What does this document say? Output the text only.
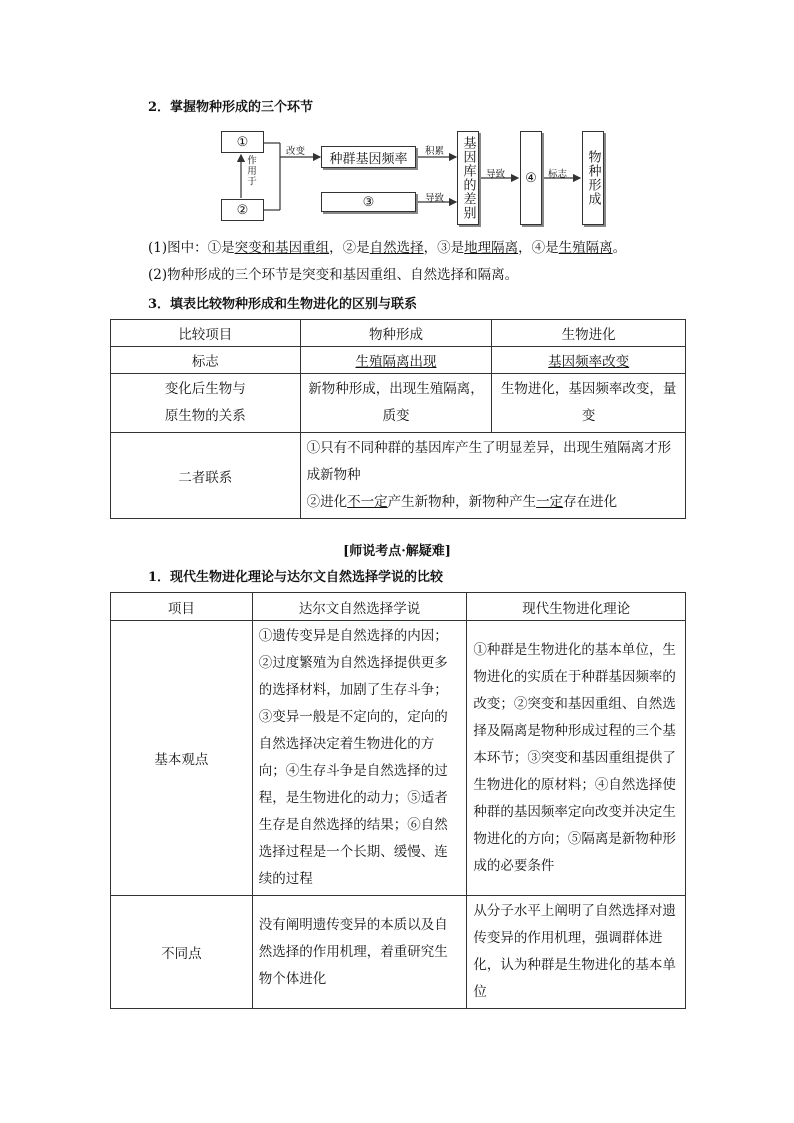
2．掌握物种形成的三个环节
①
②
作用于
改变	种群基因频率	积累
③	导致 基因库的差别 导致	④	标志 物种形成
(1)图中：①是突变和基因重组，②是自然选择，③是地理隔离，④是生殖隔离。
(2)物种形成的三个环节是突变和基因重组、自然选择和隔离。
3．填表比较物种形成和生物进化的区别与联系
比较项目	物种形成	生物进化
标志	生殖隔离出现	基因频率改变

变化后生物与
原生物的关系	新物种形成，出现生殖隔离，质变	生物进化，基因频率改变，量变
二者联系	①只有不同种群的基因库产生了明显差异，出现生殖隔离才形成新物种
②进化不一定产生新物种，新物种产生一定存在进化	
[师说考点·解疑难]
1．现代生物进化理论与达尔文自然选择学说的比较
项目	达尔文自然选择学说	现代生物进化理论
基本观点	①遗传变异是自然选择的内因；②过度繁殖为自然选择提供更多的选择材料，加剧了生存斗争；③变异一般是不定向的，定向的自然选择决定着生物进化的方向；④生存斗争是自然选择的过程，是生物进化的动力；⑤适者生存是自然选择的结果；⑥自然选择过程是一个长期、缓慢、连续的过程	①种群是生物进化的基本单位，生物进化的实质在于种群基因频率的改变；②突变和基因重组、自然选择及隔离是物种形成过程的三个基本环节；③突变和基因重组提供了生物进化的原材料；④自然选择使种群的基因频率定向改变并决定生物进化的方向；⑤隔离是新物种形成的必要条件
不同点	没有阐明遗传变异的本质以及自然选择的作用机理，着重研究生物个体进化	从分子水平上阐明了自然选择对遗传变异的作用机理，强调群体进化，认为种群是生物进化的基本单位
